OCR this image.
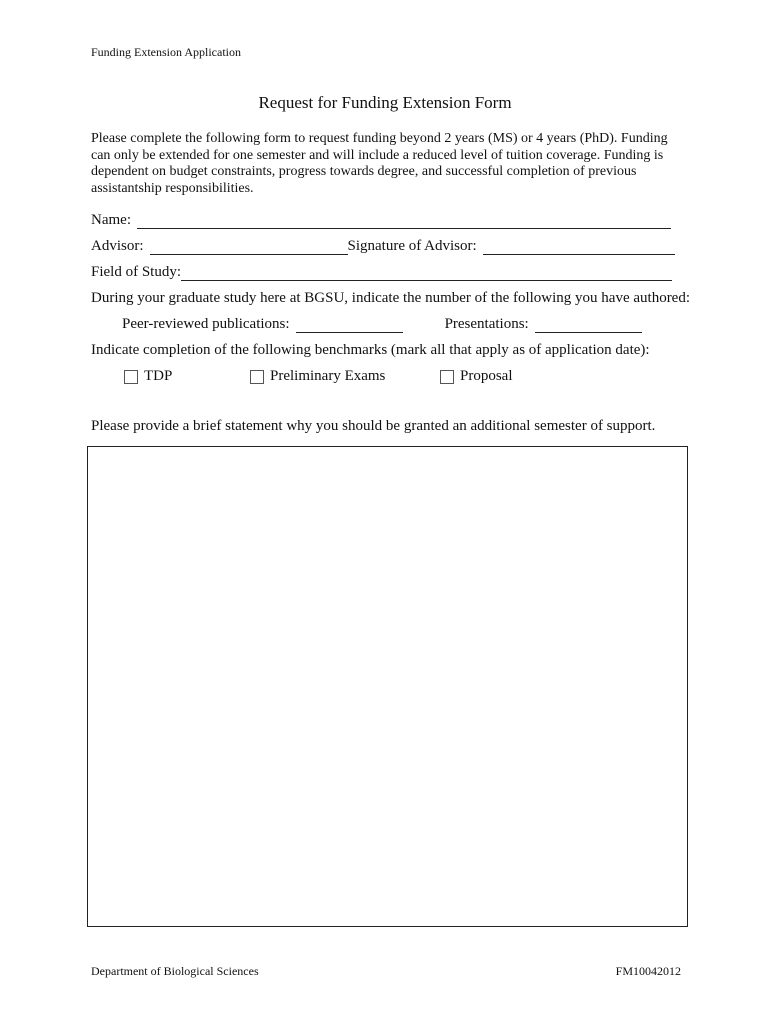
Funding Extension Application
Request for Funding Extension Form
Please complete the following form to request funding beyond 2 years (MS) or 4 years (PhD). Funding can only be extended for one semester and will include a reduced level of tuition coverage. Funding is dependent on budget constraints, progress towards degree, and successful completion of previous assistantship responsibilities.
Name:
Advisor:	Signature of Advisor:
Field of Study:
During your graduate study here at BGSU, indicate the number of the following you have authored:
Peer-reviewed publications:	Presentations:
Indicate completion of the following benchmarks (mark all that apply as of application date):
TDP	Preliminary Exams	Proposal
Please provide a brief statement why you should be granted an additional semester of support.
Department of Biological Sciences	FM10042012
